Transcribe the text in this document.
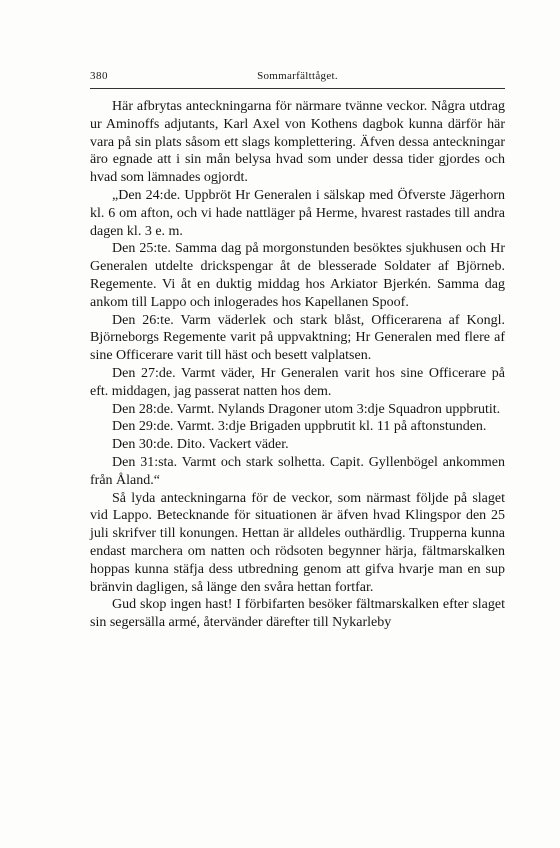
380	Sommarfälttåget.

Här afbrytas anteckningarna för närmare tvänne veckor. Några utdrag ur Aminoffs adjutants, Karl Axel von Kothens dagbok kunna därför här vara på sin plats såsom ett slags komplettering. Äfven dessa anteckningar äro egnade att i sin mån belysa hvad som under dessa tider gjordes och hvad som lämnades ogjordt.

„Den 24:de. Uppbröt Hr Generalen i sälskap med Öfverste Jägerhorn kl. 6 om afton, och vi hade nattläger på Herme, hvarest rastades till andra dagen kl. 3 e. m.

Den 25:te. Samma dag på morgonstunden besöktes sjukhusen och Hr Generalen utdelte drickspengar åt de blesserade Soldater af Björneb. Regemente. Vi åt en duktig middag hos Arkiator Bjerkén. Samma dag ankom till Lappo och inlogerades hos Kapellanen Spoof.

Den 26:te. Varm väderlek och stark blåst, Officerarena af Kongl. Björneborgs Regemente varit på uppvaktning; Hr Generalen med flere af sine Officerare varit till häst och besett valplatsen.

Den 27:de. Varmt väder, Hr Generalen varit hos sine Officerare på eft. middagen, jag passerat natten hos dem.

Den 28:de. Varmt. Nylands Dragoner utom 3:dje Squadron uppbrutit.

Den 29:de. Varmt. 3:dje Brigaden uppbrutit kl. 11 på aftonstunden.

Den 30:de. Dito. Vackert väder.

Den 31:sta. Varmt och stark solhetta. Capit. Gyllenbögel ankommen från Åland.“

Så lyda anteckningarna för de veckor, som närmast följde på slaget vid Lappo. Betecknande för situationen är äfven hvad Klingspor den 25 juli skrifver till konungen. Hettan är alldeles outhärdlig. Trupperna kunna endast marchera om natten och rödsoten begynner härja, fältmarskalken hoppas kunna stäfja dess utbredning genom att gifva hvarje man en sup bränvin dagligen, så länge den svåra hettan fortfar.

Gud skop ingen hast! I förbifarten besöker fältmarskalken efter slaget sin segersälla armé, återvänder därefter till Nykarleby
